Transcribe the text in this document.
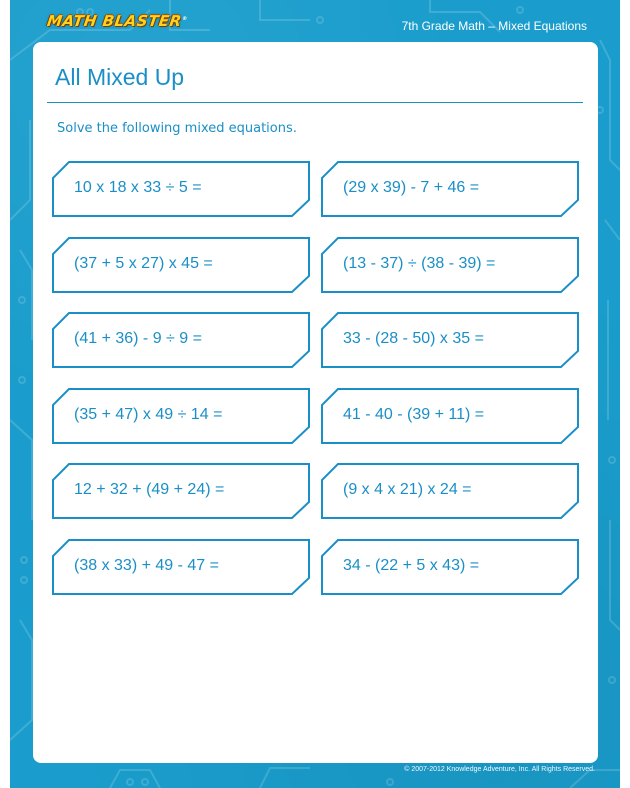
MATH BLASTER®	7th Grade Math – Mixed Equations
© 2007-2012 Knowledge Adventure, Inc. All Rights Reserved.
All Mixed Up
Solve the following mixed equations.
10 x 18 x 33 ÷ 5 =	(29 x 39) - 7 + 46 =
(37 + 5 x 27) x 45 =	(13 - 37) ÷ (38 - 39) =
(41 + 36) - 9 ÷ 9 =	33 - (28 - 50) x 35 =
(35 + 47) x 49 ÷ 14 =	41 - 40 - (39 + 11) =
12 + 32 + (49 + 24) =	(9 x 4 x 21) x 24 =
(38 x 33) + 49 - 47 =	34 - (22 + 5 x 43) =
